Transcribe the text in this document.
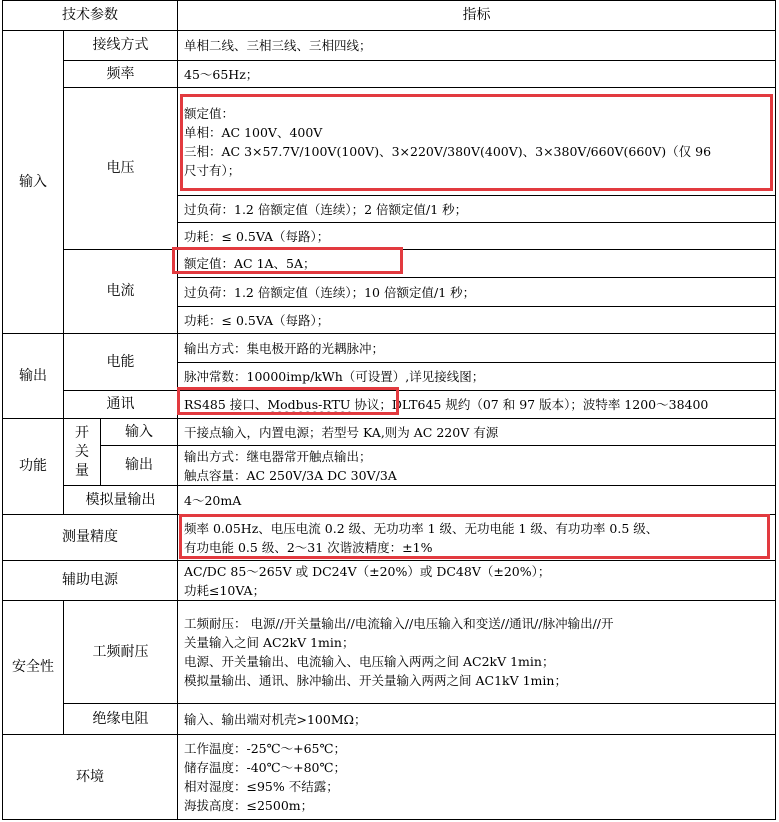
技术参数			指标
输入	接线方式		单相二线、三相三线、三相四线；
	频率		45～65Hz；
	电压		额定值：
单相：AC 100V、400V
三相：AC 3×57.7V/100V(100V)、3×220V/380V(400V)、3×380V/660V(660V)（仅 96
尺寸有）；

			过负荷：1.2 倍额定值（连续）；2 倍额定值/1 秒；
			功耗：≤ 0.5VA（每路）；
	电流		额定值：AC 1A、5A；
			过负荷：1.2 倍额定值（连续）；10 倍额定值/1 秒；
			功耗：≤ 0.5VA（每路）；
输出	电能		输出方式：集电极开路的光耦脉冲；
			脉冲常数：10000imp/kWh（可设置）,详见接线图；
	通讯		RS485 接口、Modbus-RTU 协议；DLT645 规约（07 和 97 版本）；波特率 1200～38400
功能	开
关
量	输入	干接点输入，内置电源；若型号 KA,则为 AC 220V 有源
		输出	输出方式：继电器常开触点输出；
触点容量：AC 250V/3A DC 30V/3A

	模拟量输出		4～20mA
测量精度			频率 0.05Hz、电压电流 0.2 级、无功功率 1 级、无功电能 1 级、有功功率 0.5 级、
有功电能 0.5 级、2～31 次谐波精度：±1%

辅助电源			AC/DC 85～265V 或 DC24V（±20%）或 DC48V（±20%）；
功耗≤10VA；

安全性	工频耐压		工频耐压： 电源//开关量输出//电流输入//电压输入和变送//通讯//脉冲输出//开
关量输入之间 AC2kV 1min；
电源、开关量输出、电流输入、电压输入两两之间 AC2kV 1min；
模拟量输出、通讯、脉冲输出、开关量输入两两之间 AC1kV 1min；

	绝缘电阻		输入、输出端对机壳>100MΩ；
环境			工作温度：-25℃～+65℃；
储存温度：-40℃～+80℃；
相对湿度：≤95% 不结露；
海拔高度：≤2500m；
